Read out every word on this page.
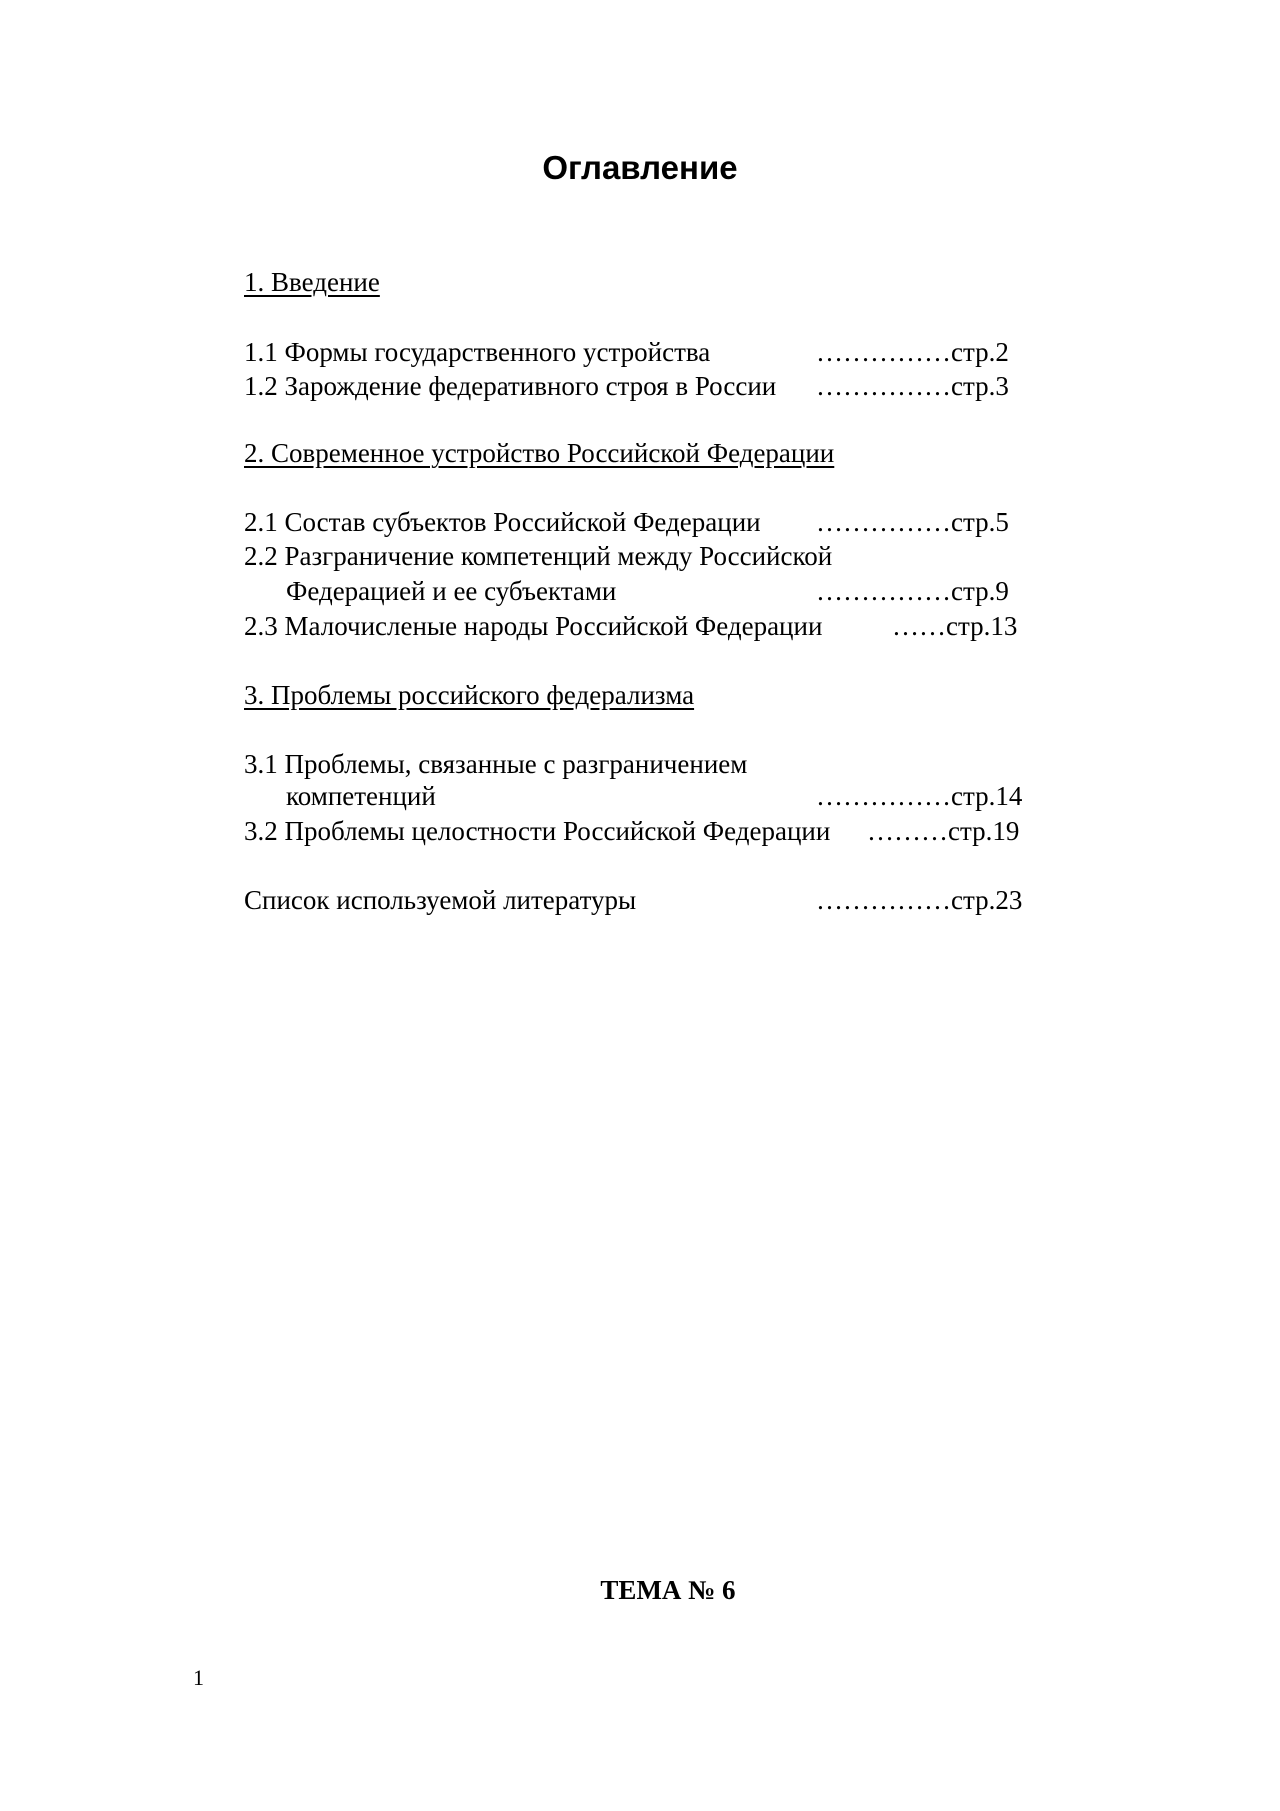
Оглавление
1. Введение
1.1 Формы государственного устройства	……………стр.2
1.2 Зарождение федеративного строя в России ……………стр.3
2. Современное устройство Российской Федерации
2.1 Состав субъектов Российской Федерации ……………стр.5
2.2 Разграничение компетенций между Российской
Федерацией и ее субъектами	……………стр.9
2.3 Малочисленые народы Российской Федерации	……стр.13
3. Проблемы российского федерализма
3.1 Проблемы, связанные с разграничением
компетенций	……………стр.14
3.2 Проблемы целостности Российской Федерации ………стр.19
Список используемой литературы	……………стр.23
ТЕМА № 6
1
